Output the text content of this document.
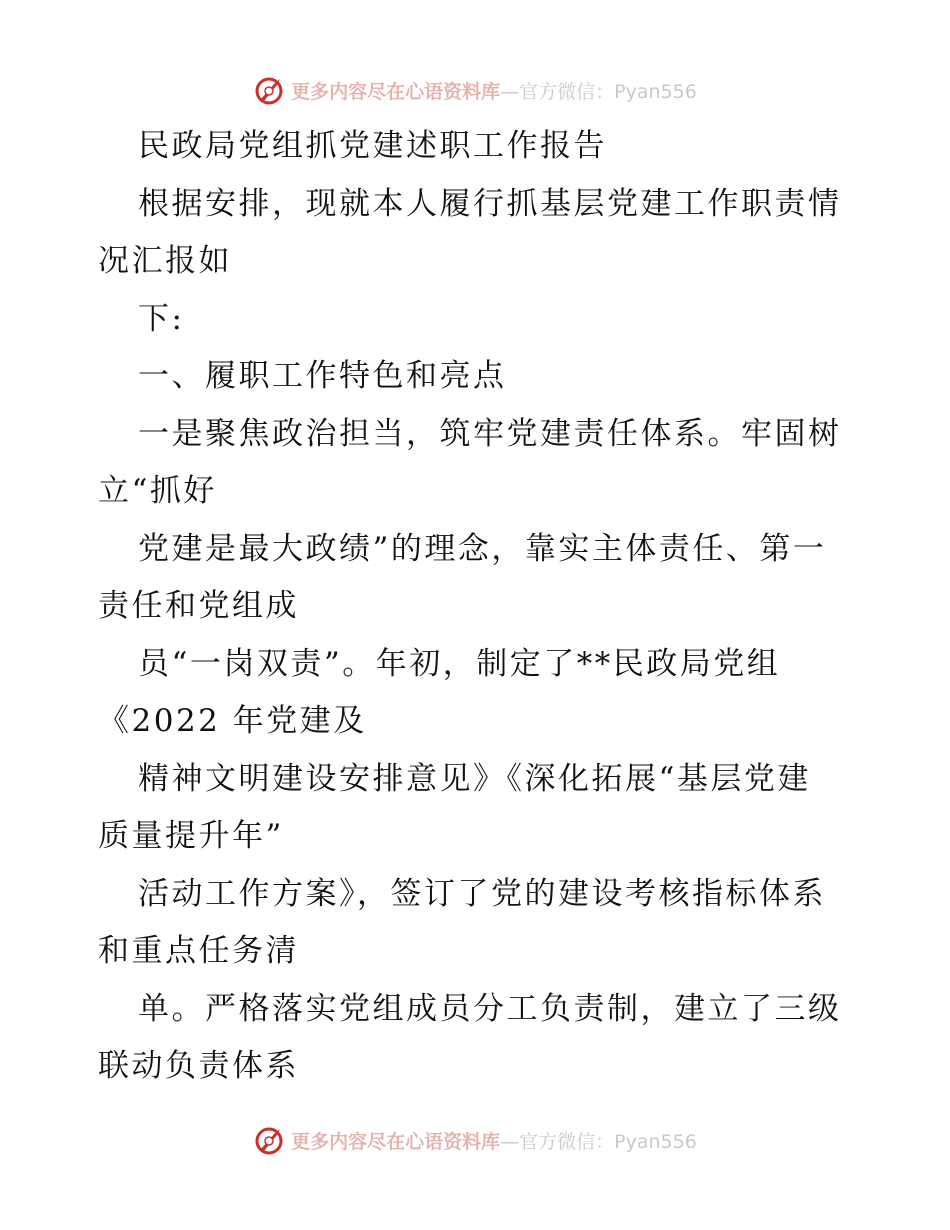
更多内容尽在心语资料库 —官方微信：Pyan556
民政局党组抓党建述职工作报告
根据安排，现就本人履行抓基层党建工作职责情
况汇报如
下:
一、履职工作特色和亮点
一是聚焦政治担当，筑牢党建责任体系。牢固树
立“抓好
党建是最大政绩”的理念，靠实主体责任、第一
责任和党组成
员“一岗双责”。年初，制定了**民政局党组
《2022 年党建及
精神文明建设安排意见》《深化拓展“基层党建
质量提升年”
活动工作方案》，签订了党的建设考核指标体系
和重点任务清
单。严格落实党组成员分工负责制，建立了三级
联动负责体系
更多内容尽在心语资料库 —官方微信：Pyan556
